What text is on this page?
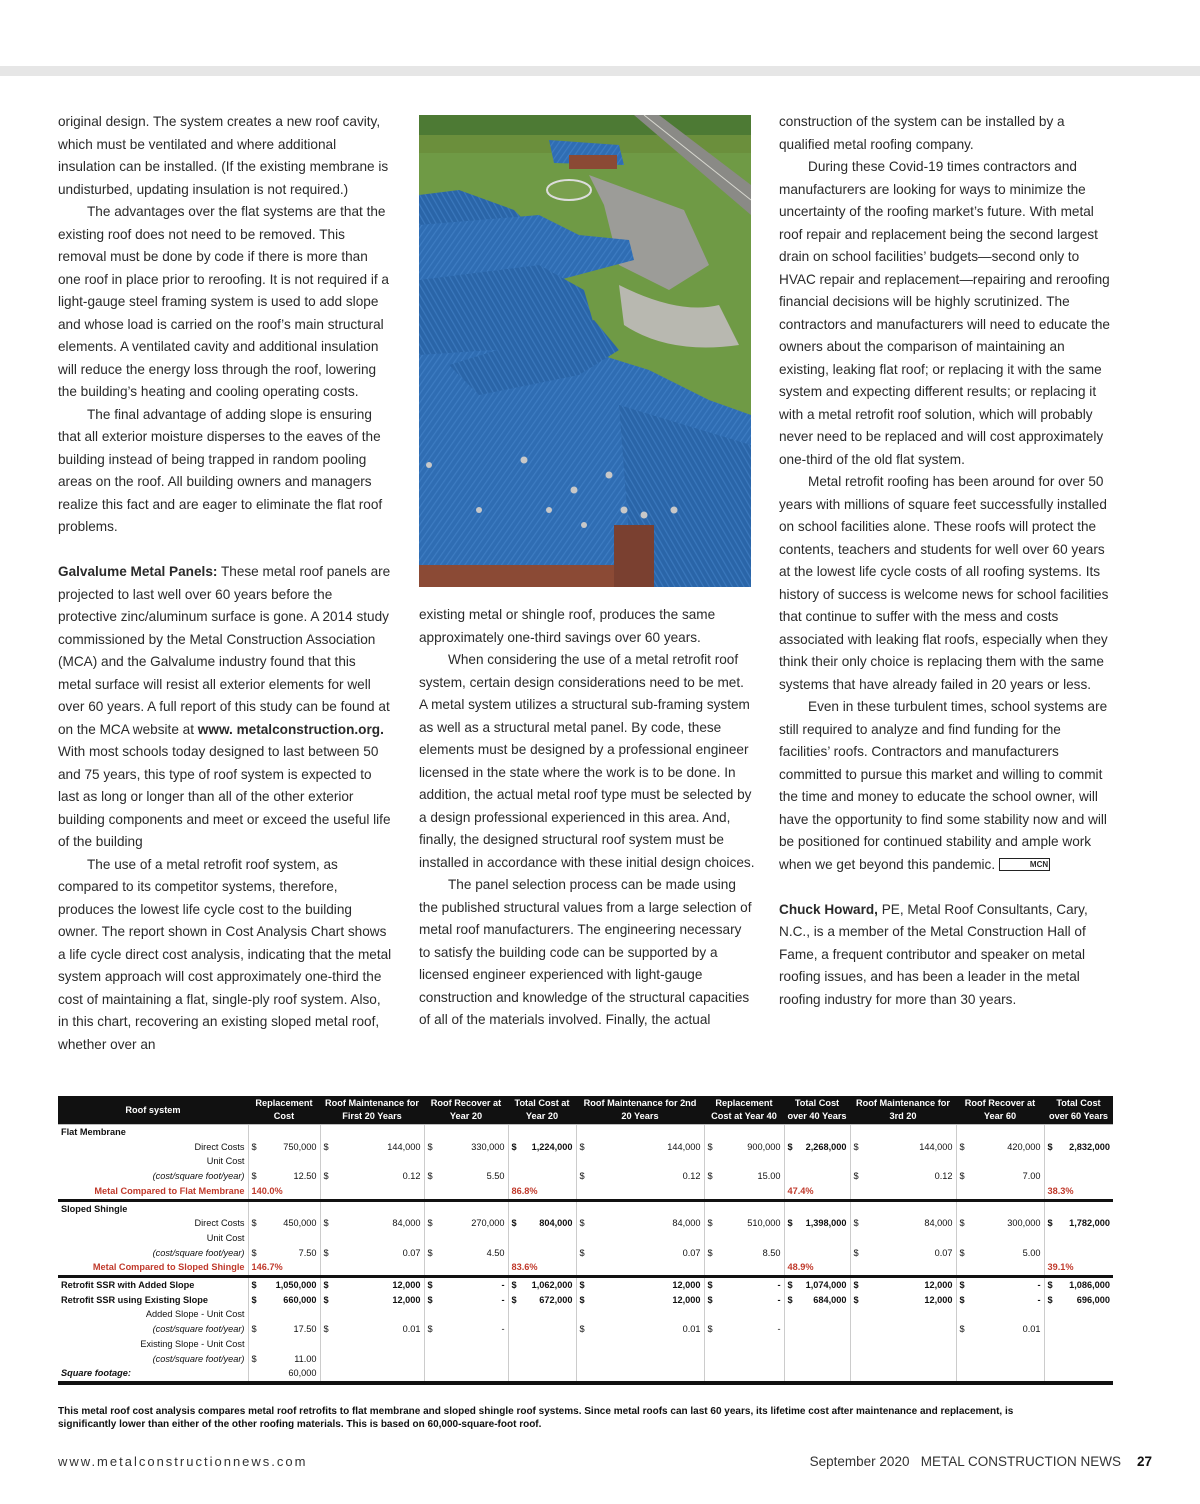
original design. The system creates a new roof cavity, which must be ventilated and where additional insulation can be installed. (If the existing membrane is undisturbed, updating insulation is not required.)

The advantages over the flat systems are that the existing roof does not need to be removed. This removal must be done by code if there is more than one roof in place prior to reroofing. It is not required if a light-gauge steel framing system is used to add slope and whose load is carried on the roof’s main structural elements. A ventilated cavity and additional insulation will reduce the energy loss through the roof, lowering the building’s heating and cooling operating costs.

The final advantage of adding slope is ensuring that all exterior moisture disperses to the eaves of the building instead of being trapped in random pooling areas on the roof. All building owners and managers realize this fact and are eager to eliminate the flat roof problems.

Galvalume Metal Panels: These metal roof panels are projected to last well over 60 years before the protective zinc/aluminum surface is gone. A 2014 study commissioned by the Metal Construction Association (MCA) and the Galvalume industry found that this metal surface will resist all exterior elements for well over 60 years. A full report of this study can be found at on the MCA website at www. metalconstruction.org. With most schools today designed to last between 50 and 75 years, this type of roof system is expected to last as long or longer than all of the other exterior building components and meet or exceed the useful life of the building

The use of a metal retrofit roof system, as compared to its competitor systems, therefore, produces the lowest life cycle cost to the building owner. The report shown in Cost Analysis Chart shows a life cycle direct cost analysis, indicating that the metal system approach will cost approximately one-third the cost of maintaining a flat, single-ply roof system. Also, in this chart, recovering an existing sloped metal roof, whether over an

existing metal or shingle roof, produces the same approximately one-third savings over 60 years.

When considering the use of a metal retrofit roof system, certain design considerations need to be met. A metal system utilizes a structural sub-framing system as well as a structural metal panel. By code, these elements must be designed by a professional engineer licensed in the state where the work is to be done. In addition, the actual metal roof type must be selected by a design professional experienced in this area. And, finally, the designed structural roof system must be installed in accordance with these initial design choices.

The panel selection process can be made using the published structural values from a large selection of metal roof manufacturers. The engineering necessary to satisfy the building code can be supported by a licensed engineer experienced with light-gauge construction and knowledge of the structural capacities of all of the materials involved. Finally, the actual

construction of the system can be installed by a qualified metal roofing company.

During these Covid-19 times contractors and manufacturers are looking for ways to minimize the uncertainty of the roofing market’s future. With metal roof repair and replacement being the second largest drain on school facilities’ budgets—second only to HVAC repair and replacement—repairing and reroofing financial decisions will be highly scrutinized. The contractors and manufacturers will need to educate the owners about the comparison of maintaining an existing, leaking flat roof; or replacing it with the same system and expecting different results; or replacing it with a metal retrofit roof solution, which will probably never need to be replaced and will cost approximately one-third of the old flat system.

Metal retrofit roofing has been around for over 50 years with millions of square feet successfully installed on school facilities alone. These roofs will protect the contents, teachers and students for well over 60 years at the lowest life cycle costs of all roofing systems. Its history of success is welcome news for school facilities that continue to suffer with the mess and costs associated with leaking flat roofs, especially when they think their only choice is replacing them with the same systems that have already failed in 20 years or less.

Even in these turbulent times, school systems are still required to analyze and find funding for the facilities’ roofs. Contractors and manufacturers committed to pursue this market and willing to commit the time and money to educate the school owner, will have the opportunity to find some stability now and will be positioned for continued stability and ample work when we get beyond this pandemic.	MCN

Chuck Howard, PE, Metal Roof Consultants, Cary, N.C., is a member of the Metal Construction Hall of Fame, a frequent contributor and speaker on metal roofing issues, and has been a leader in the metal roofing industry for more than 30 years.

Roof system	Replacement Cost	Roof Maintenance for First 20 Years	Roof Recover at Year 20	Total Cost at Year 20	Roof Maintenance for 2nd 20 Years	Replacement Cost at Year 40	Total Cost over 40 Years	Roof Maintenance for 3rd 20	Roof Recover at Year 60	Total Cost over 60 Years
Flat Membrane										
Direct Costs	$ 750,000	$ 144,000	$ 330,000	$ 1,224,000	$ 144,000	$ 900,000	$ 2,268,000	$ 144,000	$ 420,000	$ 2,832,000

Unit Cost										
(cost/square foot/year)	$ 12.50	$ 0.12	$ 5.50		$ 0.12	$ 15.00		$ 0.12	$ 7.00	

Metal Compared to Flat Membrane	140.0%			86.8%			47.4%			38.3%
Sloped Shingle										
Direct Costs	$ 450,000	$ 84,000	$ 270,000	$ 804,000	$ 84,000	$ 510,000	$ 1,398,000	$ 84,000	$ 300,000	$ 1,782,000

Unit Cost										
(cost/square foot/year)	$ 7.50	$ 0.07	$ 4.50		$ 0.07	$ 8.50		$ 0.07	$ 5.00	

Metal Compared to Sloped Shingle	146.7%			83.6%			48.9%			39.1%
Retrofit SSR with Added Slope	$ 1,050,000	$ 12,000	$ -	$ 1,062,000	$ 12,000	$ -	$ 1,074,000	$ 12,000	$ -	$ 1,086,000

Retrofit SSR using Existing Slope	$ 660,000	$ 12,000	$ -	$ 672,000	$ 12,000	$ -	$ 684,000	$ 12,000	$ -	$ 696,000

Added Slope - Unit Cost										
(cost/square foot/year)	$ 17.50	$ 0.01	$ -		$ 0.01	$ -			$ 0.01	

Existing Slope - Unit Cost										
(cost/square foot/year)	$ 11.00									

Square footage:	60,000									
This metal roof cost analysis compares metal roof retrofits to flat membrane and sloped shingle roof systems. Since metal roofs can last 60 years, its lifetime cost after maintenance and replacement, is significantly lower than either of the other roofing materials. This is based on 60,000-square-foot roof.
www.metalconstructionnews.com	September 2020   METAL CONSTRUCTION NEWS 27
